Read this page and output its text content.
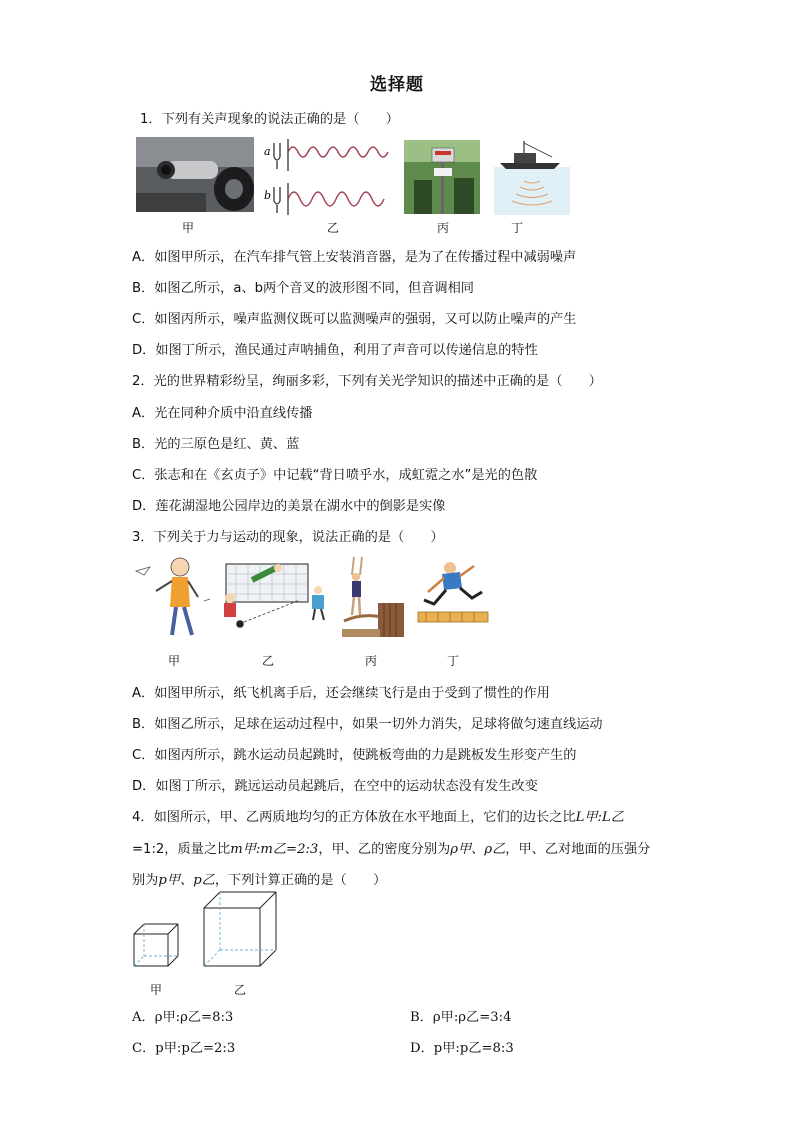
选择题
1．下列有关声现象的说法正确的是（　　）
a
b
甲	乙	丙	丁
A．如图甲所示，在汽车排气管上安装消音器，是为了在传播过程中减弱噪声
B．如图乙所示，a、b两个音叉的波形图不同，但音调相同
C．如图丙所示，噪声监测仪既可以监测噪声的强弱，又可以防止噪声的产生
D．如图丁所示，渔民通过声呐捕鱼，利用了声音可以传递信息的特性
2．光的世界精彩纷呈，绚丽多彩，下列有关光学知识的描述中正确的是（　　）
A．光在同种介质中沿直线传播
B．光的三原色是红、黄、蓝
C．张志和在《玄贞子》中记载“背日喷乎水，成虹霓之水”是光的色散
D．莲花湖湿地公园岸边的美景在湖水中的倒影是实像
3．下列关于力与运动的现象，说法正确的是（　　）
甲	乙	丙	丁
A．如图甲所示，纸飞机离手后，还会继续飞行是由于受到了惯性的作用
B．如图乙所示，足球在运动过程中，如果一切外力消失，足球将做匀速直线运动
C．如图丙所示，跳水运动员起跳时，使跳板弯曲的力是跳板发生形变产生的
D．如图丁所示，跳远运动员起跳后，在空中的运动状态没有发生改变
4．如图所示，甲、乙两质地均匀的正方体放在水平地面上，它们的边长之比L甲:L乙
=1:2，质量之比m甲:m乙=2:3，甲、乙的密度分别为ρ甲、ρ乙，甲、乙对地面的压强分
别为p甲、p乙，下列计算正确的是（　　）
甲	乙
A．ρ甲:ρ乙=8:3	B．ρ甲:ρ乙=3:4
C．p甲:p乙=2:3	D．p甲:p乙=8:3
